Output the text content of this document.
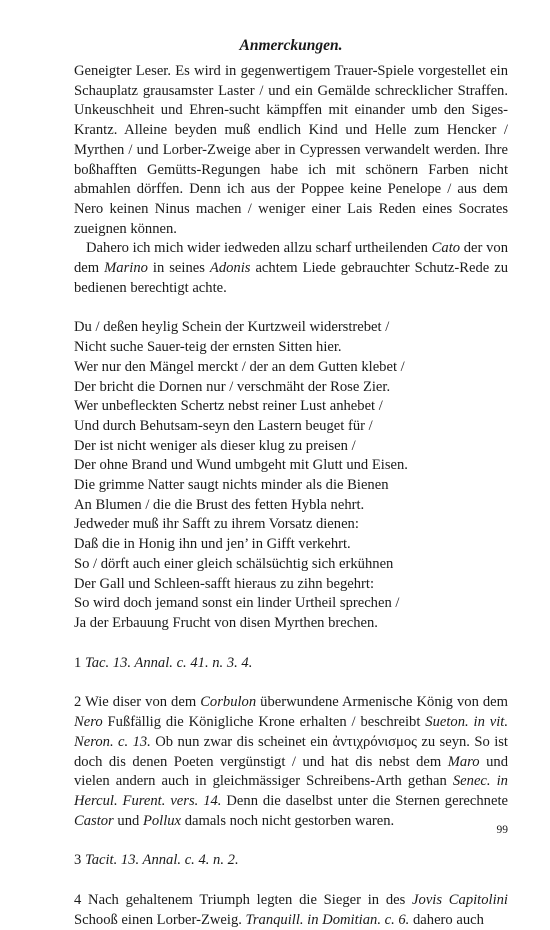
Anmerckungen.

Geneigter Leser. Es wird in gegenwertigem Trauer-Spiele vorgestellet ein Schauplatz grausamster Laster / und ein Gemälde schrecklicher Straffen. Unkeuschheit und Ehren-sucht kämpffen mit einander umb den Siges-Krantz. Alleine beyden muß endlich Kind und Helle zum Hencker / Myrthen / und Lorber-Zweige aber in Cypressen verwandelt werden. Ihre boßhafften Gemütts-Regungen habe ich mit schönern Farben nicht abmahlen dörffen. Denn ich aus der Poppee keine Penelope / aus dem Nero keinen Ninus machen / weniger einer Lais Reden eines Socrates zueignen können.

Dahero ich mich wider iedweden allzu scharf urtheilenden Cato der von dem Marino in seines Adonis achtem Liede gebrauchter Schutz-Rede zu bedienen berechtigt achte.

Du / deßen heylig Schein der Kurtzweil widerstrebet /
Nicht suche Sauer-teig der ernsten Sitten hier.
Wer nur den Mängel merckt / der an dem Gutten klebet /
Der bricht die Dornen nur / verschmäht der Rose Zier.
Wer unbefleckten Schertz nebst reiner Lust anhebet /
Und durch Behutsam-seyn den Lastern beuget für /
Der ist nicht weniger als dieser klug zu preisen /
Der ohne Brand und Wund umbgeht mit Glutt und Eisen.
Die grimme Natter saugt nichts minder als die Bienen
An Blumen / die die Brust des fetten Hybla nehrt.
Jedweder muß ihr Safft zu ihrem Vorsatz dienen:
Daß die in Honig ihn und jen’ in Gifft verkehrt.
So / dörft auch einer gleich schälsüchtig sich erkühnen
Der Gall und Schleen-safft hieraus zu zihn begehrt:
So wird doch jemand sonst ein linder Urtheil sprechen /
Ja der Erbauung Frucht von disen Myrthen brechen.

1 Tac. 13. Annal. c. 41. n. 3. 4.

2 Wie diser von dem Corbulon überwundene Armenische König von dem Nero Fußfällig die Königliche Krone erhalten / beschreibt Sueton. in vit. Neron. c. 13. Ob nun zwar dis scheinet ein ἀντιχρόνισμος zu seyn. So ist doch dis denen Poeten vergünstigt / und hat dis nebst dem Maro und vielen andern auch in gleichmässiger Schreibens-Arth gethan Senec. in Hercul. Furent. vers. 14. Denn die daselbst unter die Sternen gerechnete Castor und Pollux damals noch nicht gestorben waren.

3 Tacit. 13. Annal. c. 4. n. 2.

4 Nach gehaltenem Triumph legten die Sieger in des Jovis Capitolini Schooß einen Lorber-Zweig. Tranquill. in Domitian. c. 6. dahero auch

99
